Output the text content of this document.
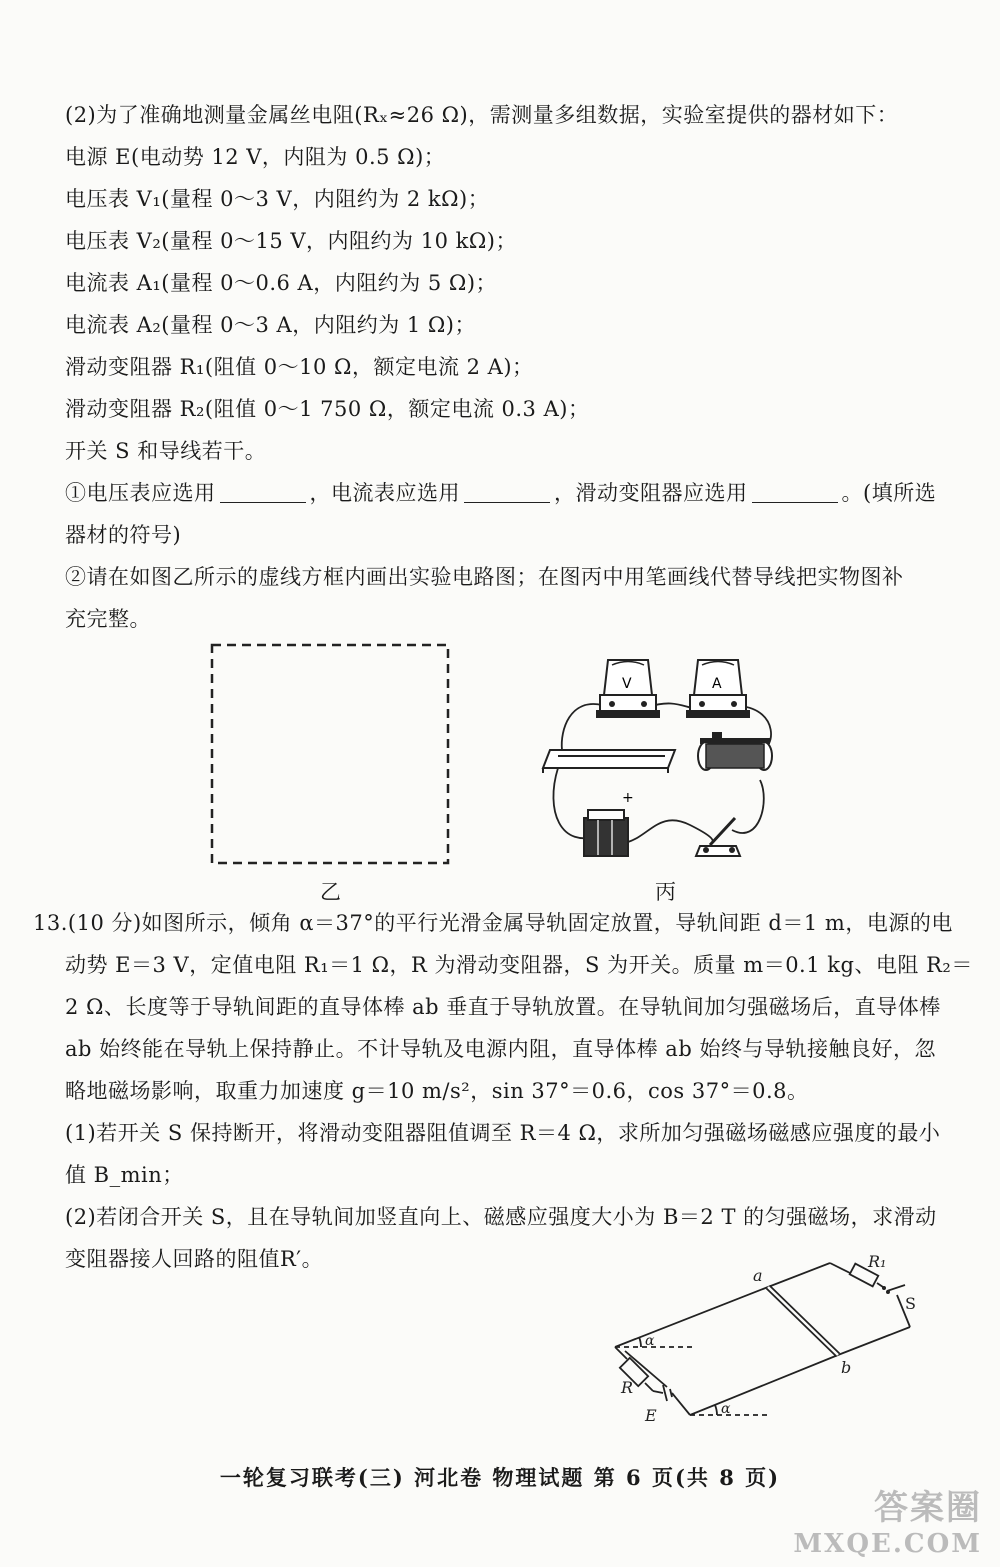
(2)为了准确地测量金属丝电阻(Rₓ≈26 Ω)，需测量多组数据，实验室提供的器材如下：
电源 E(电动势 12 V，内阻为 0.5 Ω)；
电压表 V₁(量程 0～3 V，内阻约为 2 kΩ)；
电压表 V₂(量程 0～15 V，内阻约为 10 kΩ)；
电流表 A₁(量程 0～0.6 A，内阻约为 5 Ω)；
电流表 A₂(量程 0～3 A，内阻约为 1 Ω)；
滑动变阻器 R₁(阻值 0～10 Ω，额定电流 2 A)；
滑动变阻器 R₂(阻值 0～1 750 Ω，额定电流 0.3 A)；
开关 S 和导线若干。
①电压表应选用	，电流表应选用	，滑动变阻器应选用	。(填所选
器材的符号)
②请在如图乙所示的虚线方框内画出实验电路图；在图丙中用笔画线代替导线把实物图补
充完整。
乙
V	A
+
丙
13.(10 分)如图所示，倾角 α＝37°的平行光滑金属导轨固定放置，导轨间距 d＝1 m，电源的电
动势 E＝3 V，定值电阻 R₁＝1 Ω，R 为滑动变阻器，S 为开关。质量 m＝0.1 kg、电阻 R₂＝
2 Ω、长度等于导轨间距的直导体棒 ab 垂直于导轨放置。在导轨间加匀强磁场后，直导体棒
ab 始终能在导轨上保持静止。不计导轨及电源内阻，直导体棒 ab 始终与导轨接触良好，忽
略地磁场影响，取重力加速度 g＝10 m/s²，sin 37°＝0.6，cos 37°＝0.8。
(1)若开关 S 保持断开，将滑动变阻器阻值调至 R＝4 Ω，求所加匀强磁场磁感应强度的最小
值 B_min；
(2)若闭合开关 S，且在导轨间加竖直向上、磁感应强度大小为 B＝2 T 的匀强磁场，求滑动
变阻器接人回路的阻值R′。
a
b
R₁
S
R
E
α
α
一轮复习联考(三) 河北卷 物理试题 第 6 页(共 8 页)
答案圈
MXQE.COM
